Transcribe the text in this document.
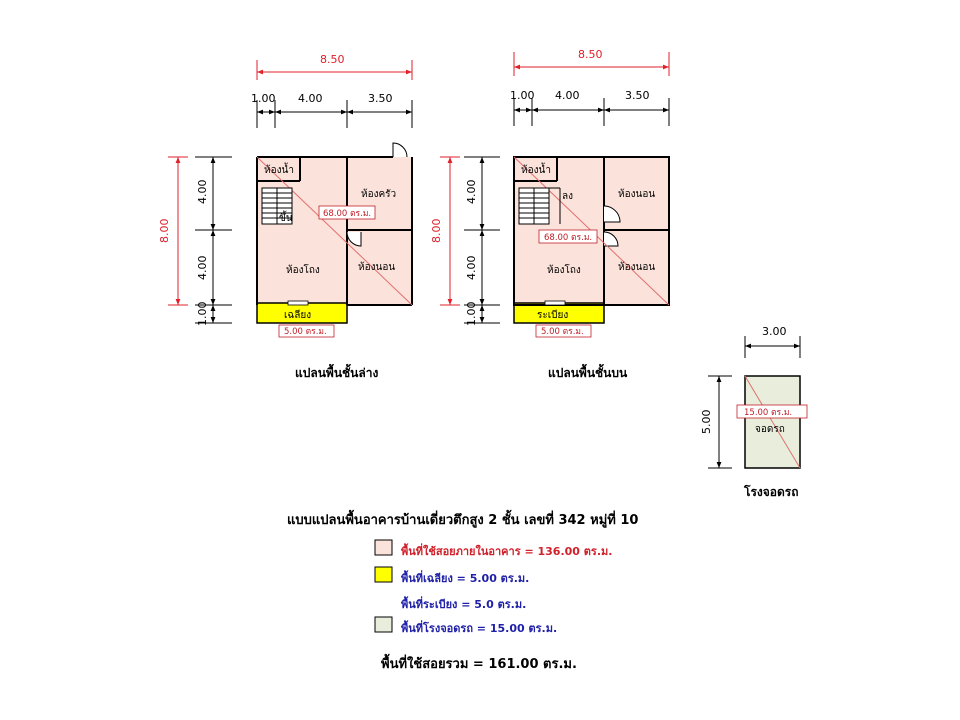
ห้องน้ำ
ห้องครัว
ขึ้น
ห้องโถง	ห้องนอน
เฉลียง
68.00 ตร.ม.
5.00 ตร.ม.
8.50
1.00 4.00	3.50
8.00
4.00
4.00
1.00
แปลนพื้นชั้นล่าง
ห้องน้ำ
ลง	ห้องนอน
ห้องโถง	ห้องนอน
ระเบียง
68.00 ตร.ม.
5.00 ตร.ม.
8.50
1.00 4.00	3.50
8.00
4.00
4.00
1.00
แปลนพื้นชั้นบน
15.00 ตร.ม.
จอดรถ
3.00
5.00
โรงจอดรถ
แบบแปลนพื้นอาคารบ้านเดี่ยวตึกสูง 2 ชั้น เลขที่ 342 หมู่ที่ 10
พื้นที่ใช้สอยภายในอาคาร = 136.00 ตร.ม.
พื้นที่เฉลียง = 5.00 ตร.ม.
พื้นที่ระเบียง = 5.0 ตร.ม.
พื้นที่โรงจอดรถ = 15.00 ตร.ม.
พื้นที่ใช้สอยรวม = 161.00 ตร.ม.
